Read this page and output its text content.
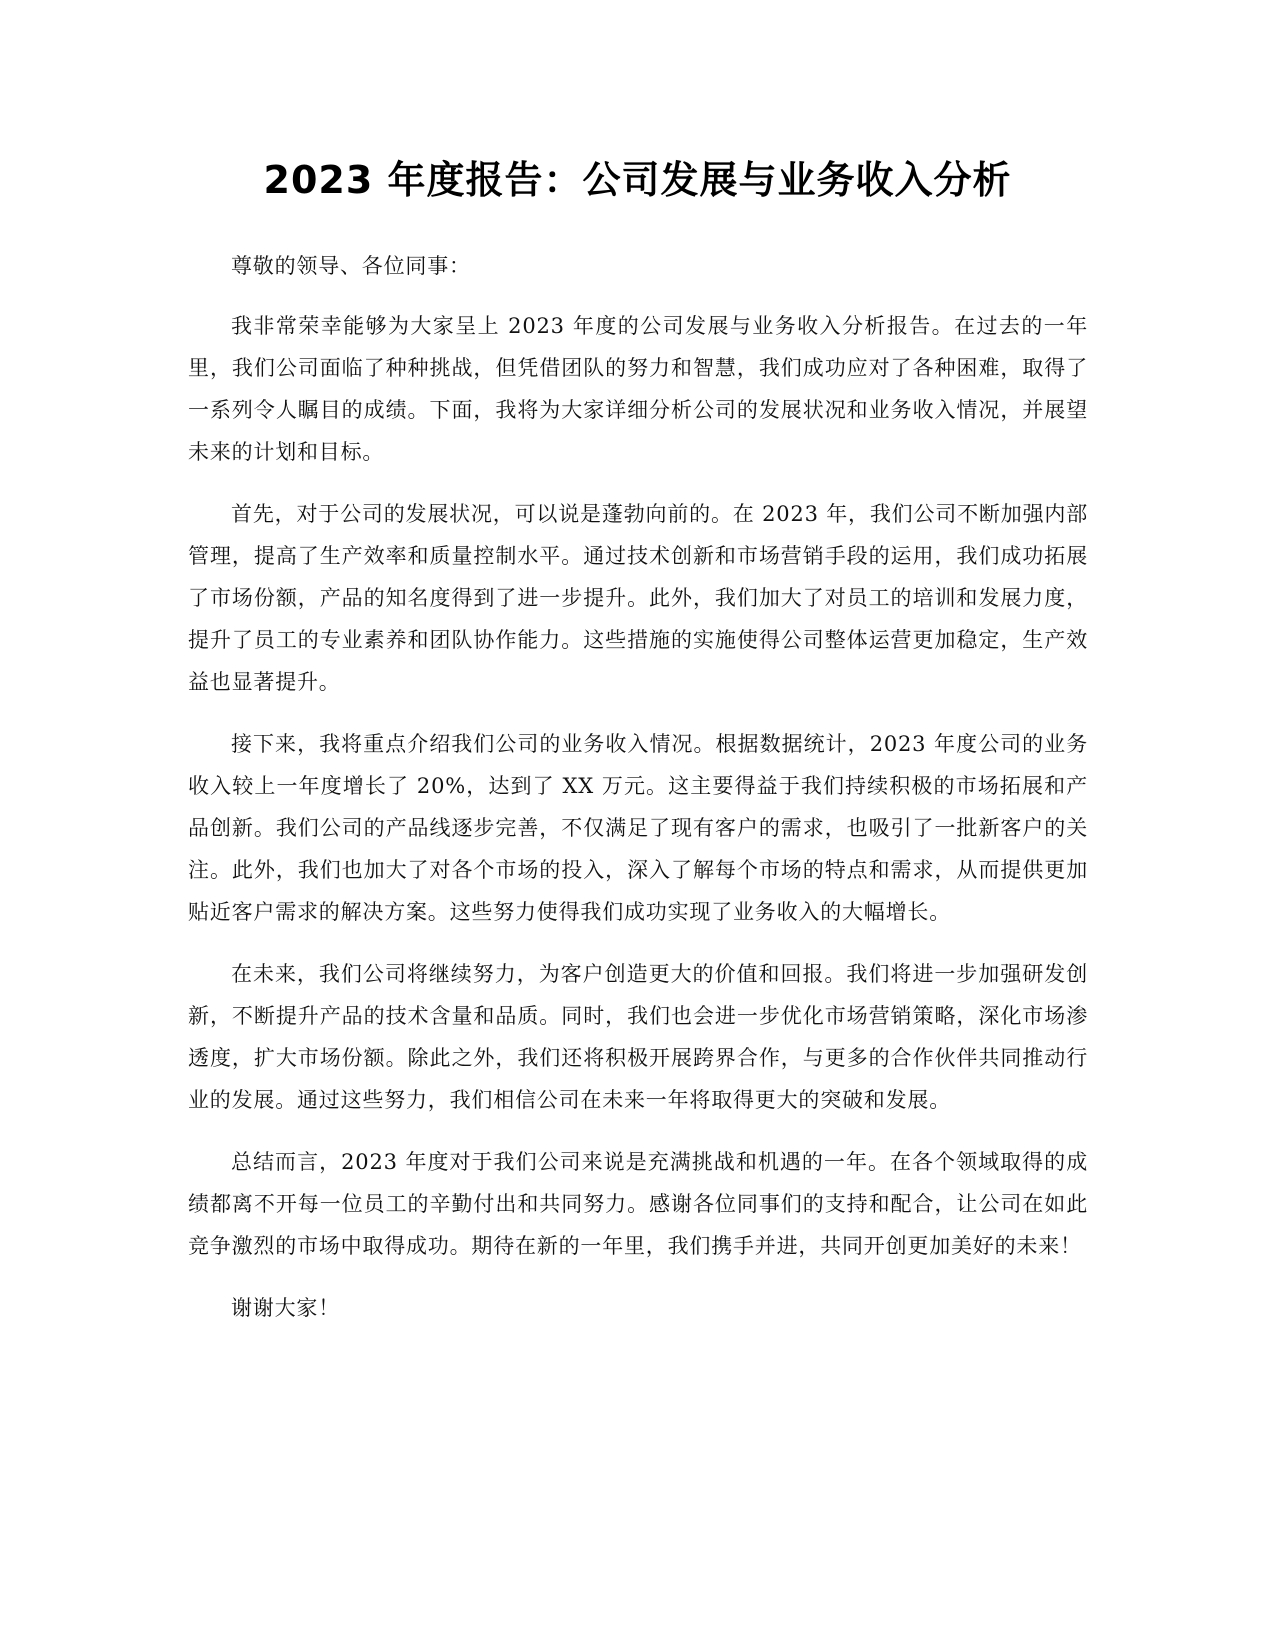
2023 年度报告：公司发展与业务收入分析

尊敬的领导、各位同事：

我非常荣幸能够为大家呈上 2023 年度的公司发展与业务收入分析报告。在过去的一年里，我们公司面临了种种挑战，但凭借团队的努力和智慧，我们成功应对了各种困难，取得了一系列令人瞩目的成绩。下面，我将为大家详细分析公司的发展状况和业务收入情况，并展望未来的计划和目标。

首先，对于公司的发展状况，可以说是蓬勃向前的。在 2023 年，我们公司不断加强内部管理，提高了生产效率和质量控制水平。通过技术创新和市场营销手段的运用，我们成功拓展了市场份额，产品的知名度得到了进一步提升。此外，我们加大了对员工的培训和发展力度，提升了员工的专业素养和团队协作能力。这些措施的实施使得公司整体运营更加稳定，生产效益也显著提升。

接下来，我将重点介绍我们公司的业务收入情况。根据数据统计，2023 年度公司的业务收入较上一年度增长了 20%，达到了 XX 万元。这主要得益于我们持续积极的市场拓展和产品创新。我们公司的产品线逐步完善，不仅满足了现有客户的需求，也吸引了一批新客户的关注。此外，我们也加大了对各个市场的投入，深入了解每个市场的特点和需求，从而提供更加贴近客户需求的解决方案。这些努力使得我们成功实现了业务收入的大幅增长。

在未来，我们公司将继续努力，为客户创造更大的价值和回报。我们将进一步加强研发创新，不断提升产品的技术含量和品质。同时，我们也会进一步优化市场营销策略，深化市场渗透度，扩大市场份额。除此之外，我们还将积极开展跨界合作，与更多的合作伙伴共同推动行业的发展。通过这些努力，我们相信公司在未来一年将取得更大的突破和发展。

总结而言，2023 年度对于我们公司来说是充满挑战和机遇的一年。在各个领域取得的成绩都离不开每一位员工的辛勤付出和共同努力。感谢各位同事们的支持和配合，让公司在如此竞争激烈的市场中取得成功。期待在新的一年里，我们携手并进，共同开创更加美好的未来！

谢谢大家！
